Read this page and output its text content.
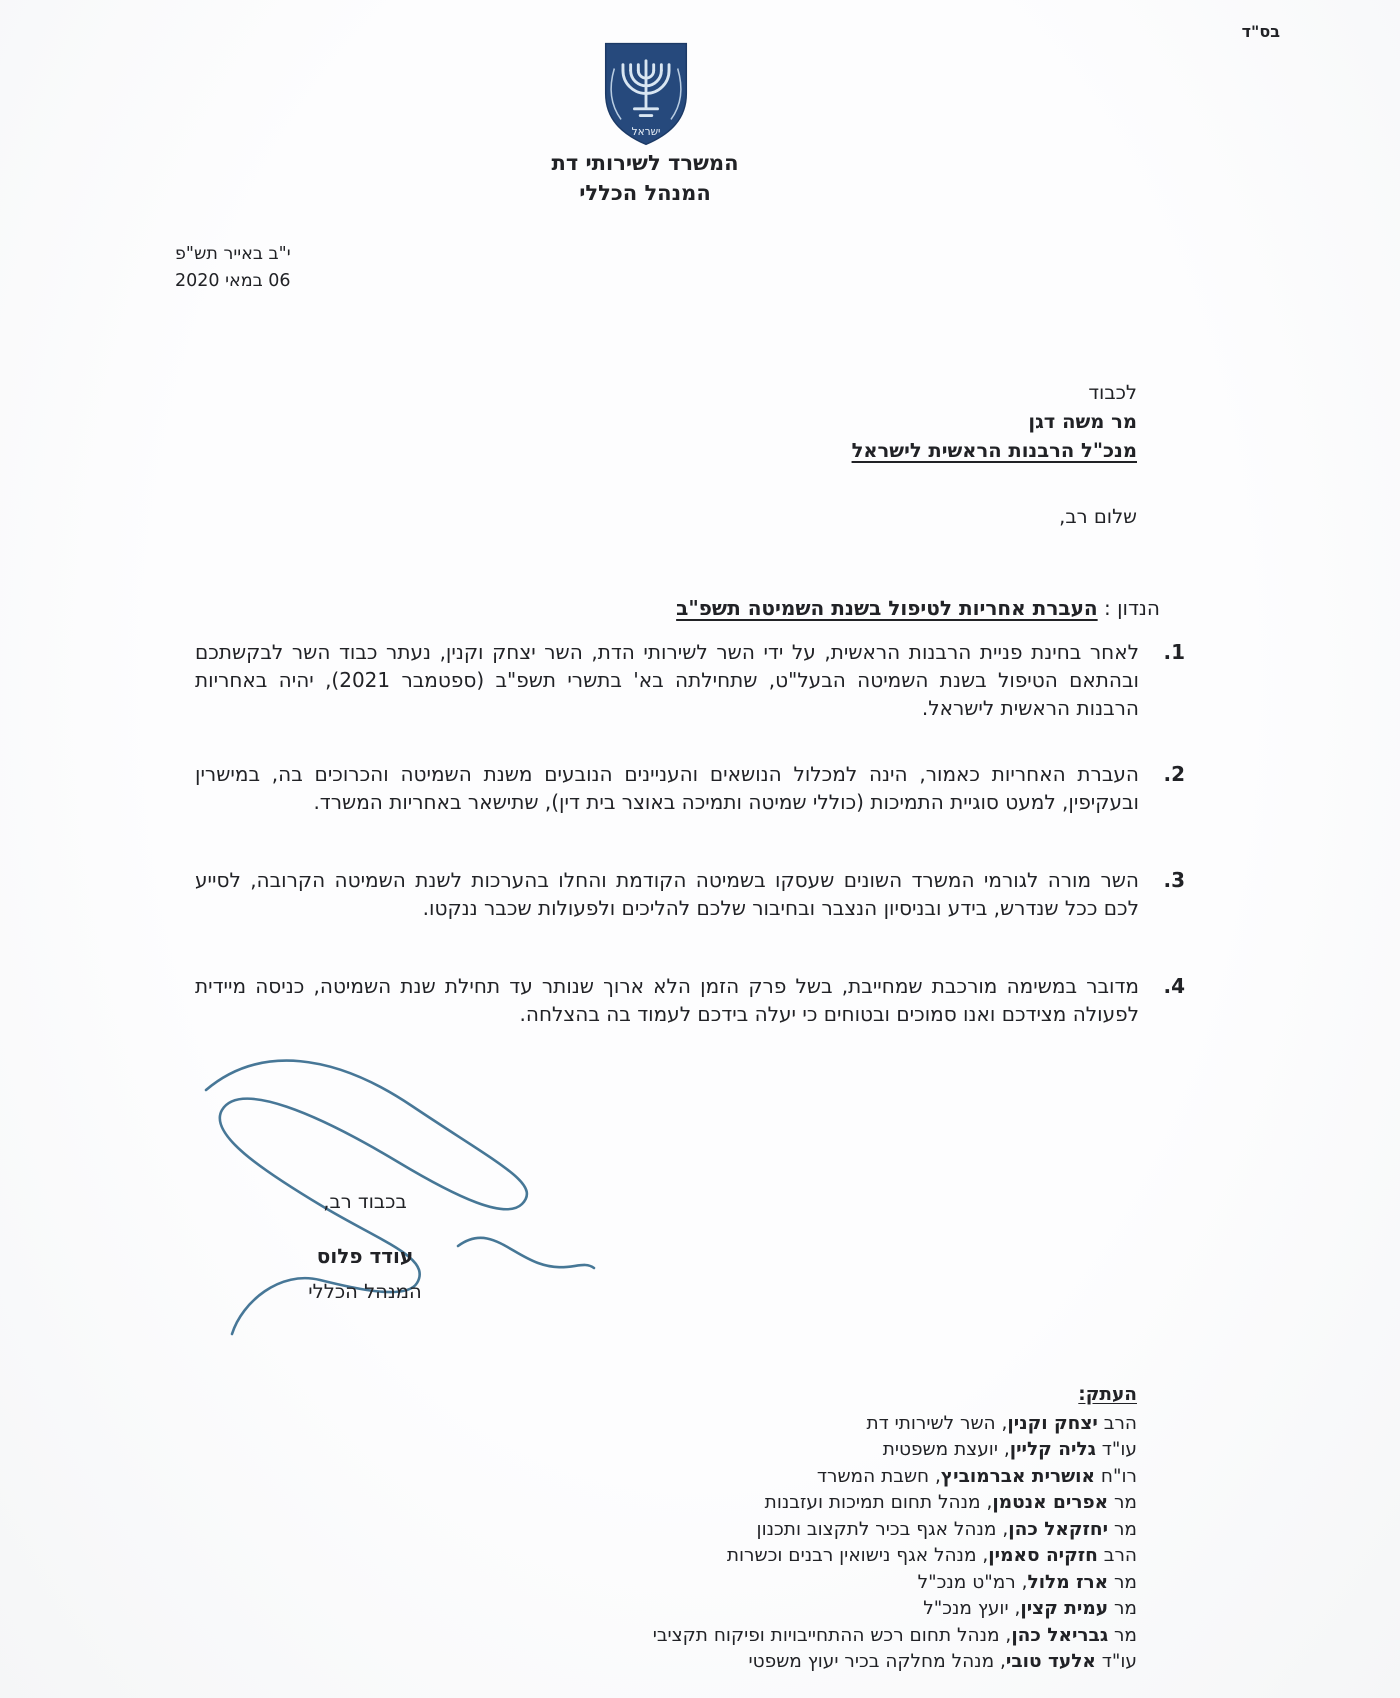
בס"ד
ישראל
המשרד לשירותי דת
המנהל הכללי
י"ב באייר תש"פ
06 במאי 2020
לכבוד
מר משה דגן
מנכ"ל הרבנות הראשית לישראל
שלום רב,
הנדון : העברת אחריות לטיפול בשנת השמיטה תשפ"ב
1.
לאחר בחינת פניית הרבנות הראשית, על ידי השר לשירותי הדת, השר יצחק וקנין, נעתר כבוד השר לבקשתכם ובהתאם הטיפול בשנת השמיטה הבעל"ט, שתחילתה בא' בתשרי תשפ"ב (ספטמבר 2021), יהיה באחריות הרבנות הראשית לישראל.
2.
העברת האחריות כאמור, הינה למכלול הנושאים והעניינים הנובעים משנת השמיטה והכרוכים בה, במישרין ובעקיפין, למעט סוגיית התמיכות (כוללי שמיטה ותמיכה באוצר בית דין), שתישאר באחריות המשרד.
3.
השר מורה לגורמי המשרד השונים שעסקו בשמיטה הקודמת והחלו בהערכות לשנת השמיטה הקרובה, לסייע לכם ככל שנדרש, בידע ובניסיון הנצבר ובחיבור שלכם להליכים ולפעולות שכבר ננקטו.
4.
מדובר במשימה מורכבת שמחייבת, בשל פרק הזמן הלא ארוך שנותר עד תחילת שנת השמיטה, כניסה מיידית לפעולה מצידכם ואנו סמוכים ובטוחים כי יעלה בידכם לעמוד בה בהצלחה.
בכבוד רב,
עודד פלוס
המנהל הכללי
העתק:
הרב יצחק וקנין, השר לשירותי דת
עו"ד גליה קליין, יועצת משפטית
רו"ח אושרית אברמוביץ, חשבת המשרד
מר אפרים אנטמן, מנהל תחום תמיכות ועזבנות
מר יחזקאל כהן, מנהל אגף בכיר לתקצוב ותכנון
הרב חזקיה סאמין, מנהל אגף נישואין רבנים וכשרות
מר ארז מלול, רמ"ט מנכ"ל
מר עמית קצין, יועץ מנכ"ל
מר גבריאל כהן, מנהל תחום רכש ההתחייבויות ופיקוח תקציבי
עו"ד אלעד טובי, מנהל מחלקה בכיר יעוץ משפטי
